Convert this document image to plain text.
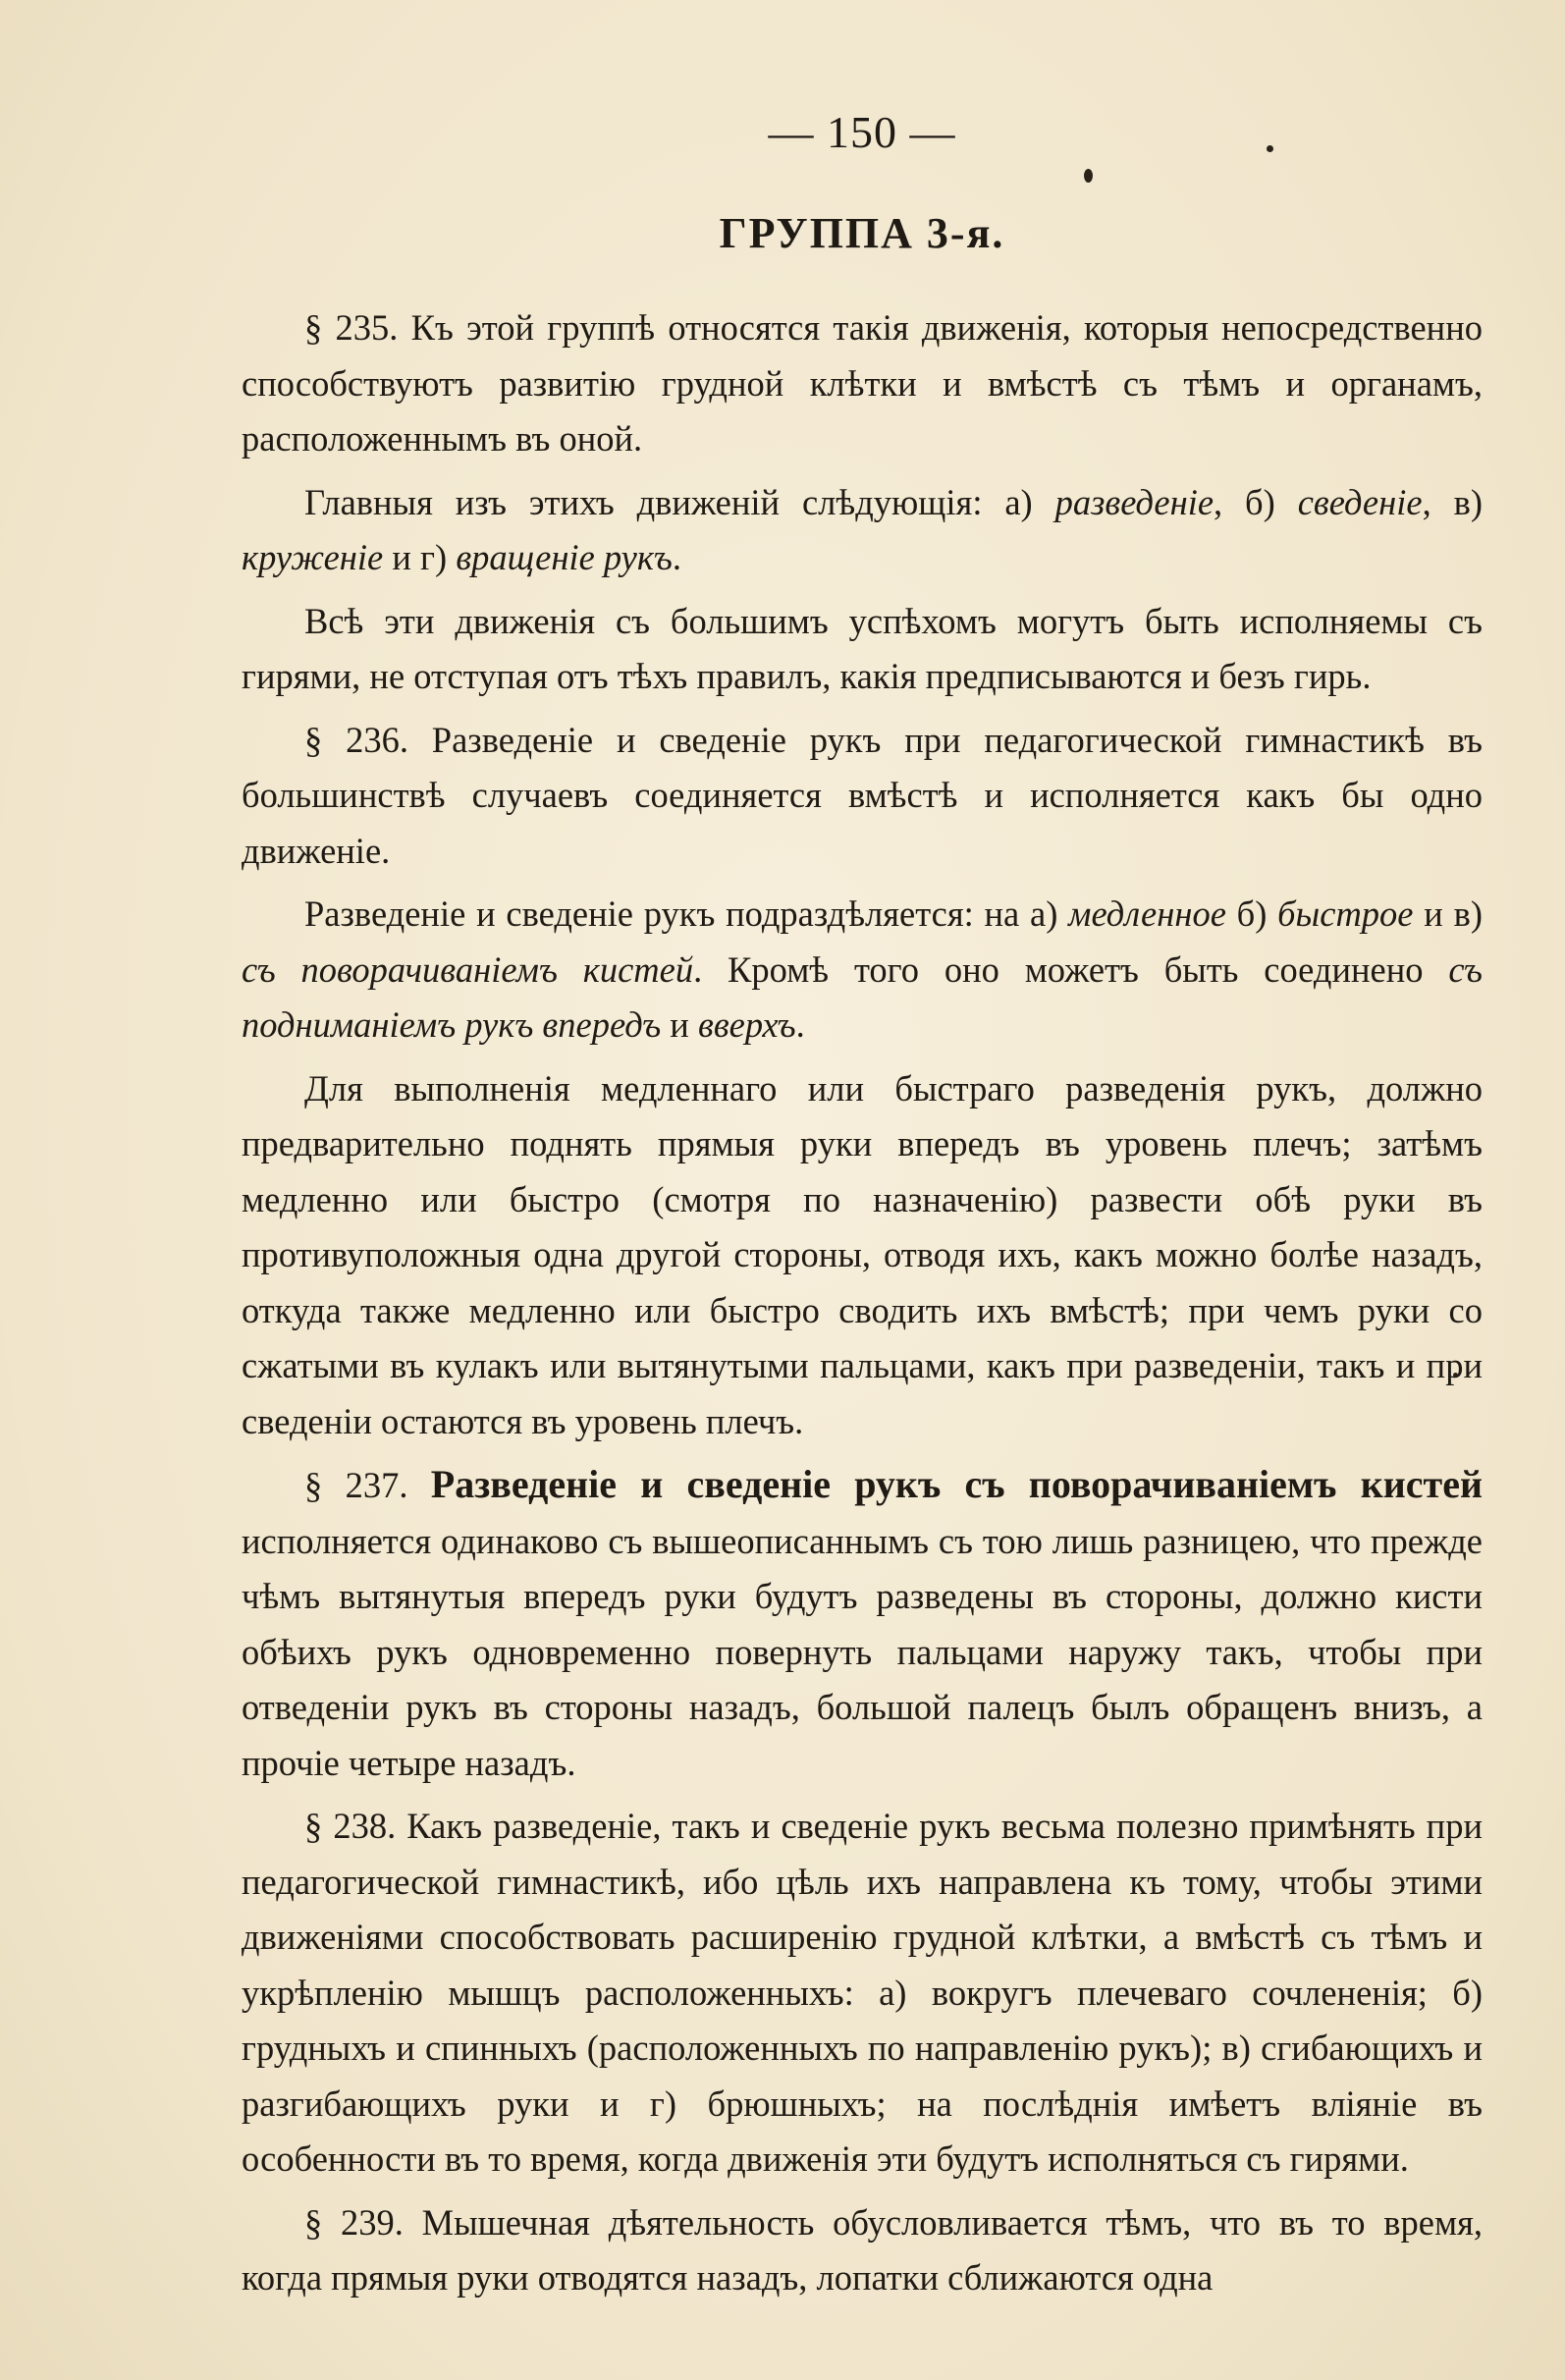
— 150 —
ГРУППА 3-я.

§ 235. Къ этой группѣ относятся такія движенія, которыя непосредственно способствуютъ развитію грудной клѣтки и вмѣстѣ съ тѣмъ и органамъ, расположеннымъ въ оной.

Главныя изъ этихъ движеній слѣдующія: а) разведеніе, б) сведеніе, в) круженіе и г) вращеніе рукъ.

Всѣ эти движенія съ большимъ успѣхомъ могутъ быть исполняемы съ гирями, не отступая отъ тѣхъ правилъ, какія предписываются и безъ гирь.

§ 236. Разведеніе и сведеніе рукъ при педагогической гимнастикѣ въ большинствѣ случаевъ соединяется вмѣстѣ и исполняется какъ бы одно движеніе.

Разведеніе и сведеніе рукъ подраздѣляется: на а) медленное б) быстрое и в) съ поворачиваніемъ кистей. Кромѣ того оно можетъ быть соединено съ подниманіемъ рукъ впередъ и вверхъ.

Для выполненія медленнаго или быстраго разведенія рукъ, должно предварительно поднять прямыя руки впередъ въ уровень плечъ; затѣмъ медленно или быстро (смотря по назначенію) развести обѣ руки въ противуположныя одна другой стороны, отводя ихъ, какъ можно болѣе назадъ, откуда также медленно или быстро сводить ихъ вмѣстѣ; при чемъ руки со сжатыми въ кулакъ или вытянутыми пальцами, какъ при разведеніи, такъ и при сведеніи остаются въ уровень плечъ.

§ 237. Разведеніе и сведеніе рукъ съ поворачиваніемъ кистей исполняется одинаково съ вышеописаннымъ съ тою лишь разницею, что прежде чѣмъ вытянутыя впередъ руки будутъ разведены въ стороны, должно кисти обѣихъ рукъ одновременно повернуть пальцами наружу такъ, чтобы при отведеніи рукъ въ стороны назадъ, большой палецъ былъ обращенъ внизъ, а прочіе четыре назадъ.

§ 238. Какъ разведеніе, такъ и сведеніе рукъ весьма полезно примѣнять при педагогической гимнастикѣ, ибо цѣль ихъ направлена къ тому, чтобы этими движеніями способствовать расширенію грудной клѣтки, а вмѣстѣ съ тѣмъ и укрѣпленію мышцъ расположенныхъ: а) вокругъ плечеваго сочлененія; б) грудныхъ и спинныхъ (расположенныхъ по направленію рукъ); в) сгибающихъ и разгибающихъ руки и г) брюшныхъ; на послѣднія имѣетъ вліяніе въ особенности въ то время, когда движенія эти будутъ исполняться съ гирями.

§ 239. Мышечная дѣятельность обусловливается тѣмъ, что въ то время, когда прямыя руки отводятся назадъ, лопатки сближаются одна
